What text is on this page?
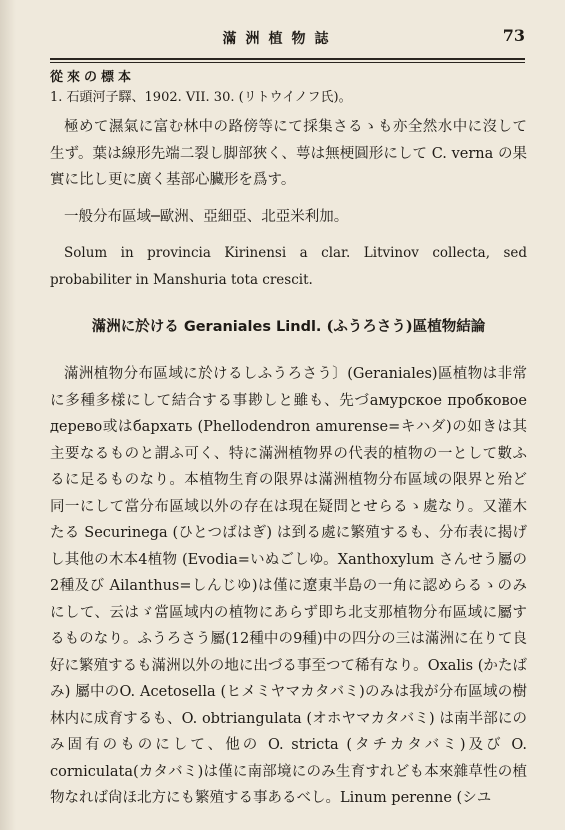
滿洲植物誌	73
從來の標本
1. 石頭河子驛、1902. VII. 30. (リトウイノフ氏)。

極めて濕氣に富む林中の路傍等にて採集さるゝも亦全然水中に沒して生ず。葉は線形先端二裂し脚部狹く、萼は無梗圓形にして C. verna の果實に比し更に廣く基部心臟形を爲す。

一般分布區域─歐洲、亞細亞、北亞米利加。

Solum in provincia Kirinensi a clar. Litvinov collecta, sed probabiliter in Manshuria tota crescit.

滿洲に於ける Geraniales Lindl. (ふうろさう)區植物結論

滿洲植物分布區域に於けるしふうろさう〕(Geraniales)區植物は非常に多種多樣にして結合する事尠しと雖も、先づамурское пробковое дерево或はбархать (Phellodendron amurense=キハダ)の如きは其主要なるものと謂ふ可く、特に滿洲植物界の代表的植物の一として數ふるに足るものなり。本植物生育の限界は滿洲植物分布區域の限界と殆ど同一にして當分布區域以外の存在は現在疑問とせらるゝ處なり。又灌木たる Securinega (ひとつばはぎ) は到る處に繁殖するも、分布表に揭げし其他の木本4植物 (Evodia=いぬごしゆ。Xanthoxylum さんせう屬の2種及び Ailanthus=しんじゆ)は僅に遼東半島の一角に認めらるゝのみにして、云はゞ當區域内の植物にあらず即ち北支那植物分布區域に屬するものなり。ふうろさう屬(12種中の9種)中の四分の三は滿洲に在りて良好に繁殖するも滿洲以外の地に出づる事至つて稀有なり。Oxalis (かたばみ) 屬中のO. Acetosella (ヒメミヤマカタバミ)のみは我が分布區域の樹林内に成育するも、O. obtriangulata (オホヤマカタバミ) は南半部にのみ固有のものにして、他の O. stricta (タチカタバミ)及び O. corniculata(カタバミ)は僅に南部境にのみ生育すれども本來雜草性の植物なれば尙ほ北方にも繁殖する事あるべし。Linum perenne (シユ
